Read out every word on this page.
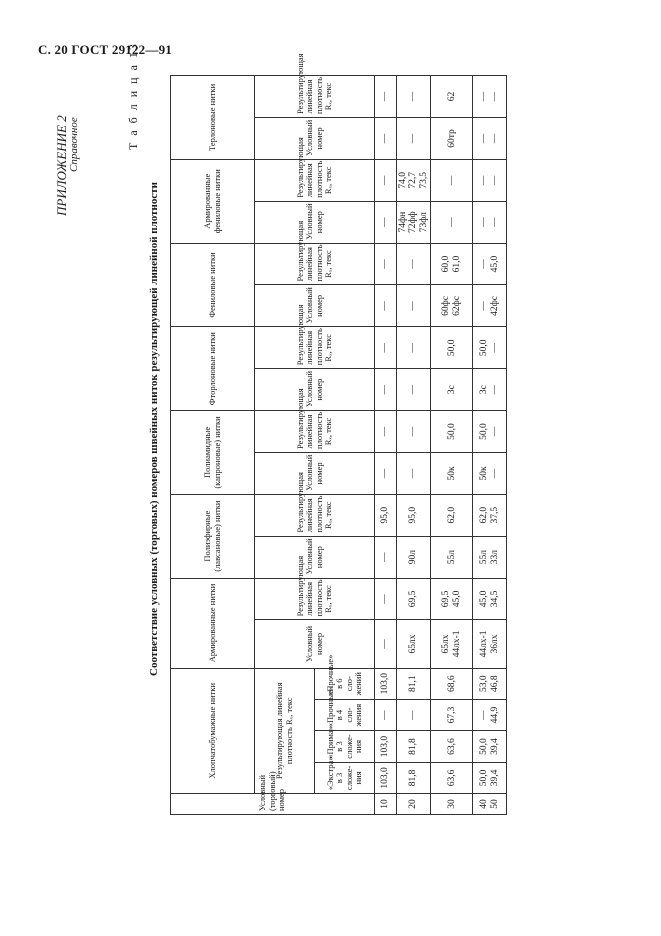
С. 20 ГОСТ 29122—91
ПРИЛОЖЕНИЕ 2 Справочное	Т а б л и ц а 13
Соответствие условных (торговых) номеров швейных ниток результирующей линейной плотности
Условный (торговый) номер	Хлопчатобумажные нитки				Армированные нитки		Полиэфирные (лавсановые) нитки		Полиамидные (капроновые) нитки		Фторлоновые нитки		Фениловые нитки		Армированные фениловые нитки		Терлоновые нитки	
	Результирующая линейная плотность Rₓ, текс				Условный номер	Результирующая линейная плотность Rₓ, текс	Условный номер	Результирующая линейная плотность Rₓ, текс	Условный номер	Результирующая линейная плотность Rₓ, текс	Условный номер	Результирующая линейная плотность Rₓ, текс	Условный номер	Результирующая линейная плотность Rₓ, текс	Условный номер	Результирующая линейная плотность Rₓ, текс	Условный номер	Результирующая линейная плотность Rₓ, текс
	«Экстра» в 3 сложе-ния	«Прима» в 3 сложе-ния	«Прочные» в 4 сло-жения	«Прочные» в 6 сло-жений														

10	103,0	103,0	—	103,0	—	—	—	95,0	—	—	—	—	—	—	—	—	—	—

20	81,8	81,8	—	81,1	65лх	69,5	90л	95,0	—	—	—	—	—	—	74фн 72фф 73фл	74,0 72,7 73,5	—	—

30	63,6	63,6	67,3	68,6	65лх 44лх-1	69,5 45,0	55л	62,0	50к	50,0	3с	50,0	60фс 62фс	60,0 61,0	—	—	60тр	62

40 50	50,0 39,4	50,0 39,4	— 44,9	53,0 46,8	44лх-1 36лх	45,0 34,5	55л 33л	62,0 37,5	50к —	50,0 —	3с —	50,0 —	— 42фс	— 45,0	— —	— —	— —	— —
